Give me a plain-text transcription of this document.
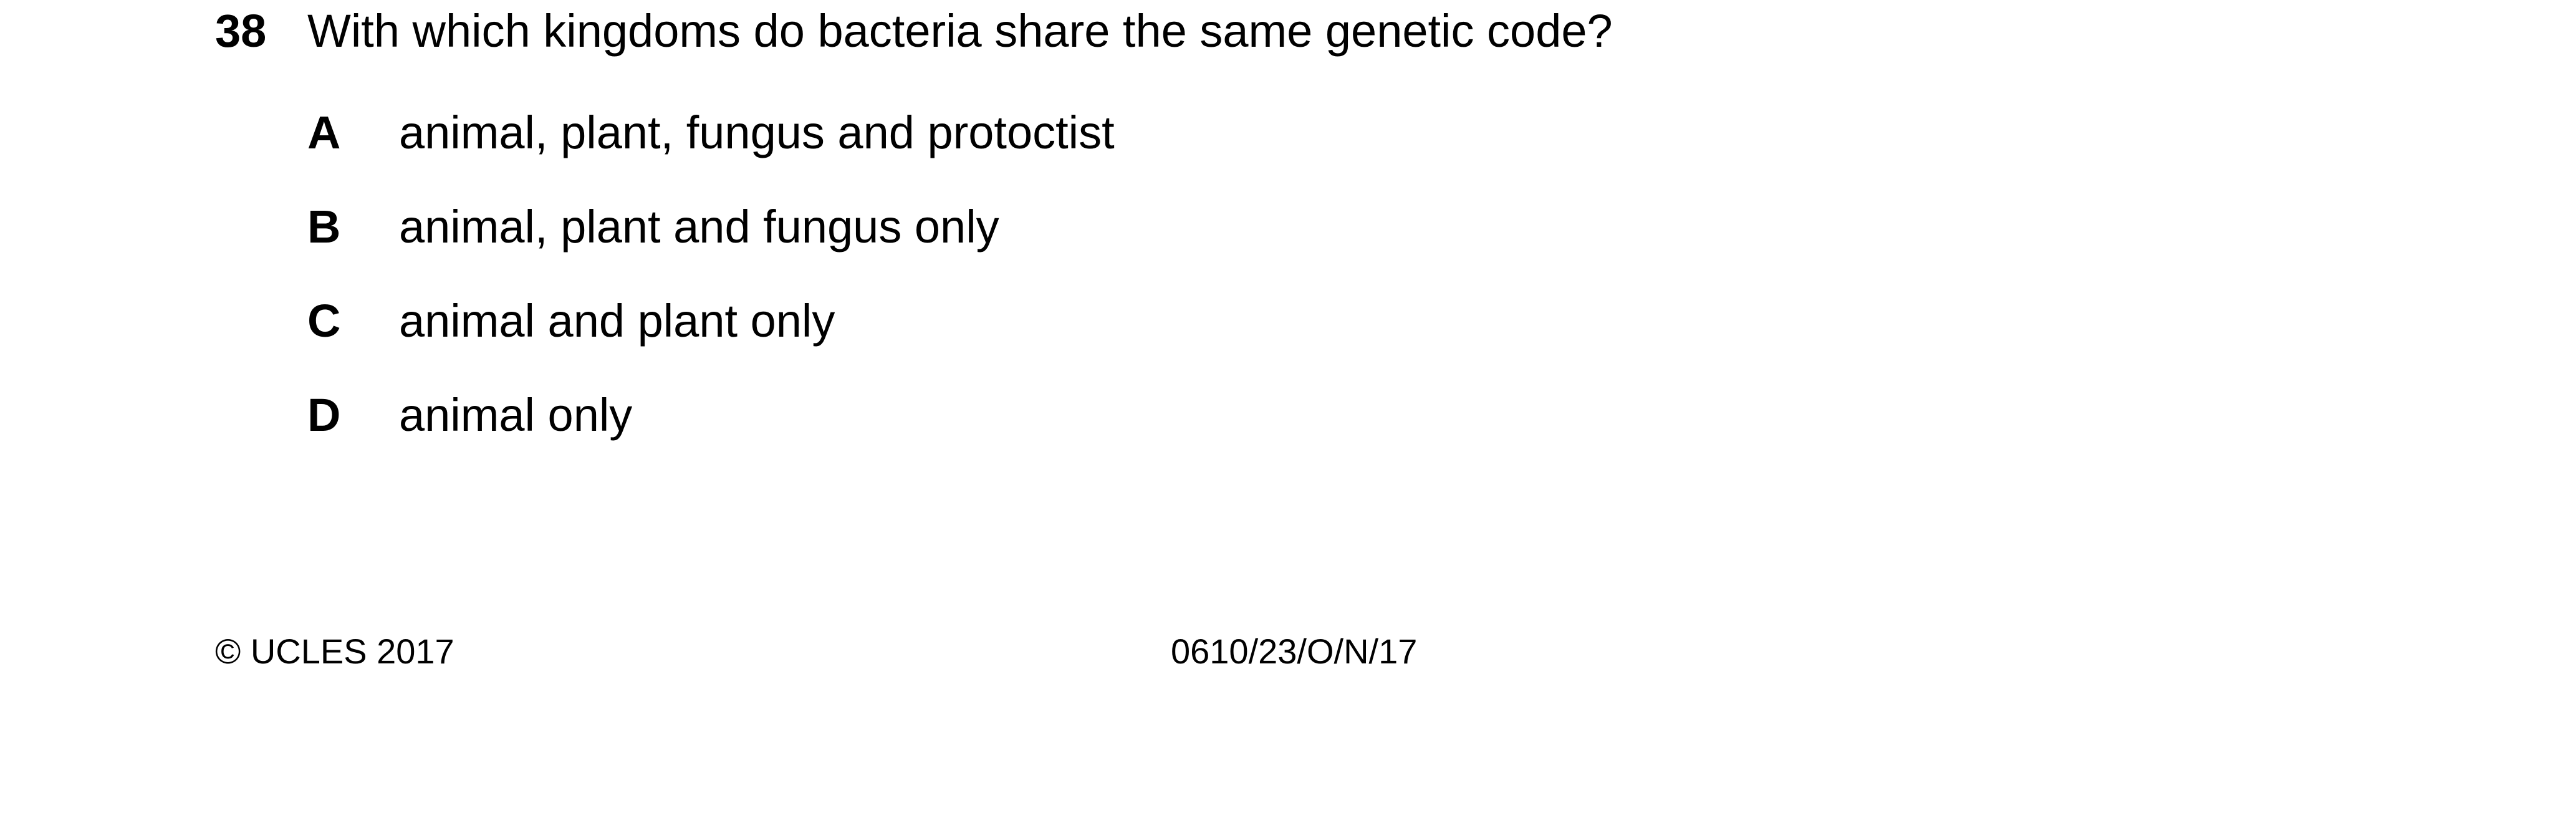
38 With which kingdoms do bacteria share the same genetic code?
A animal, plant, fungus and protoctist
B animal, plant and fungus only
C animal and plant only
D animal only
© UCLES 2017	0610/23/O/N/17
